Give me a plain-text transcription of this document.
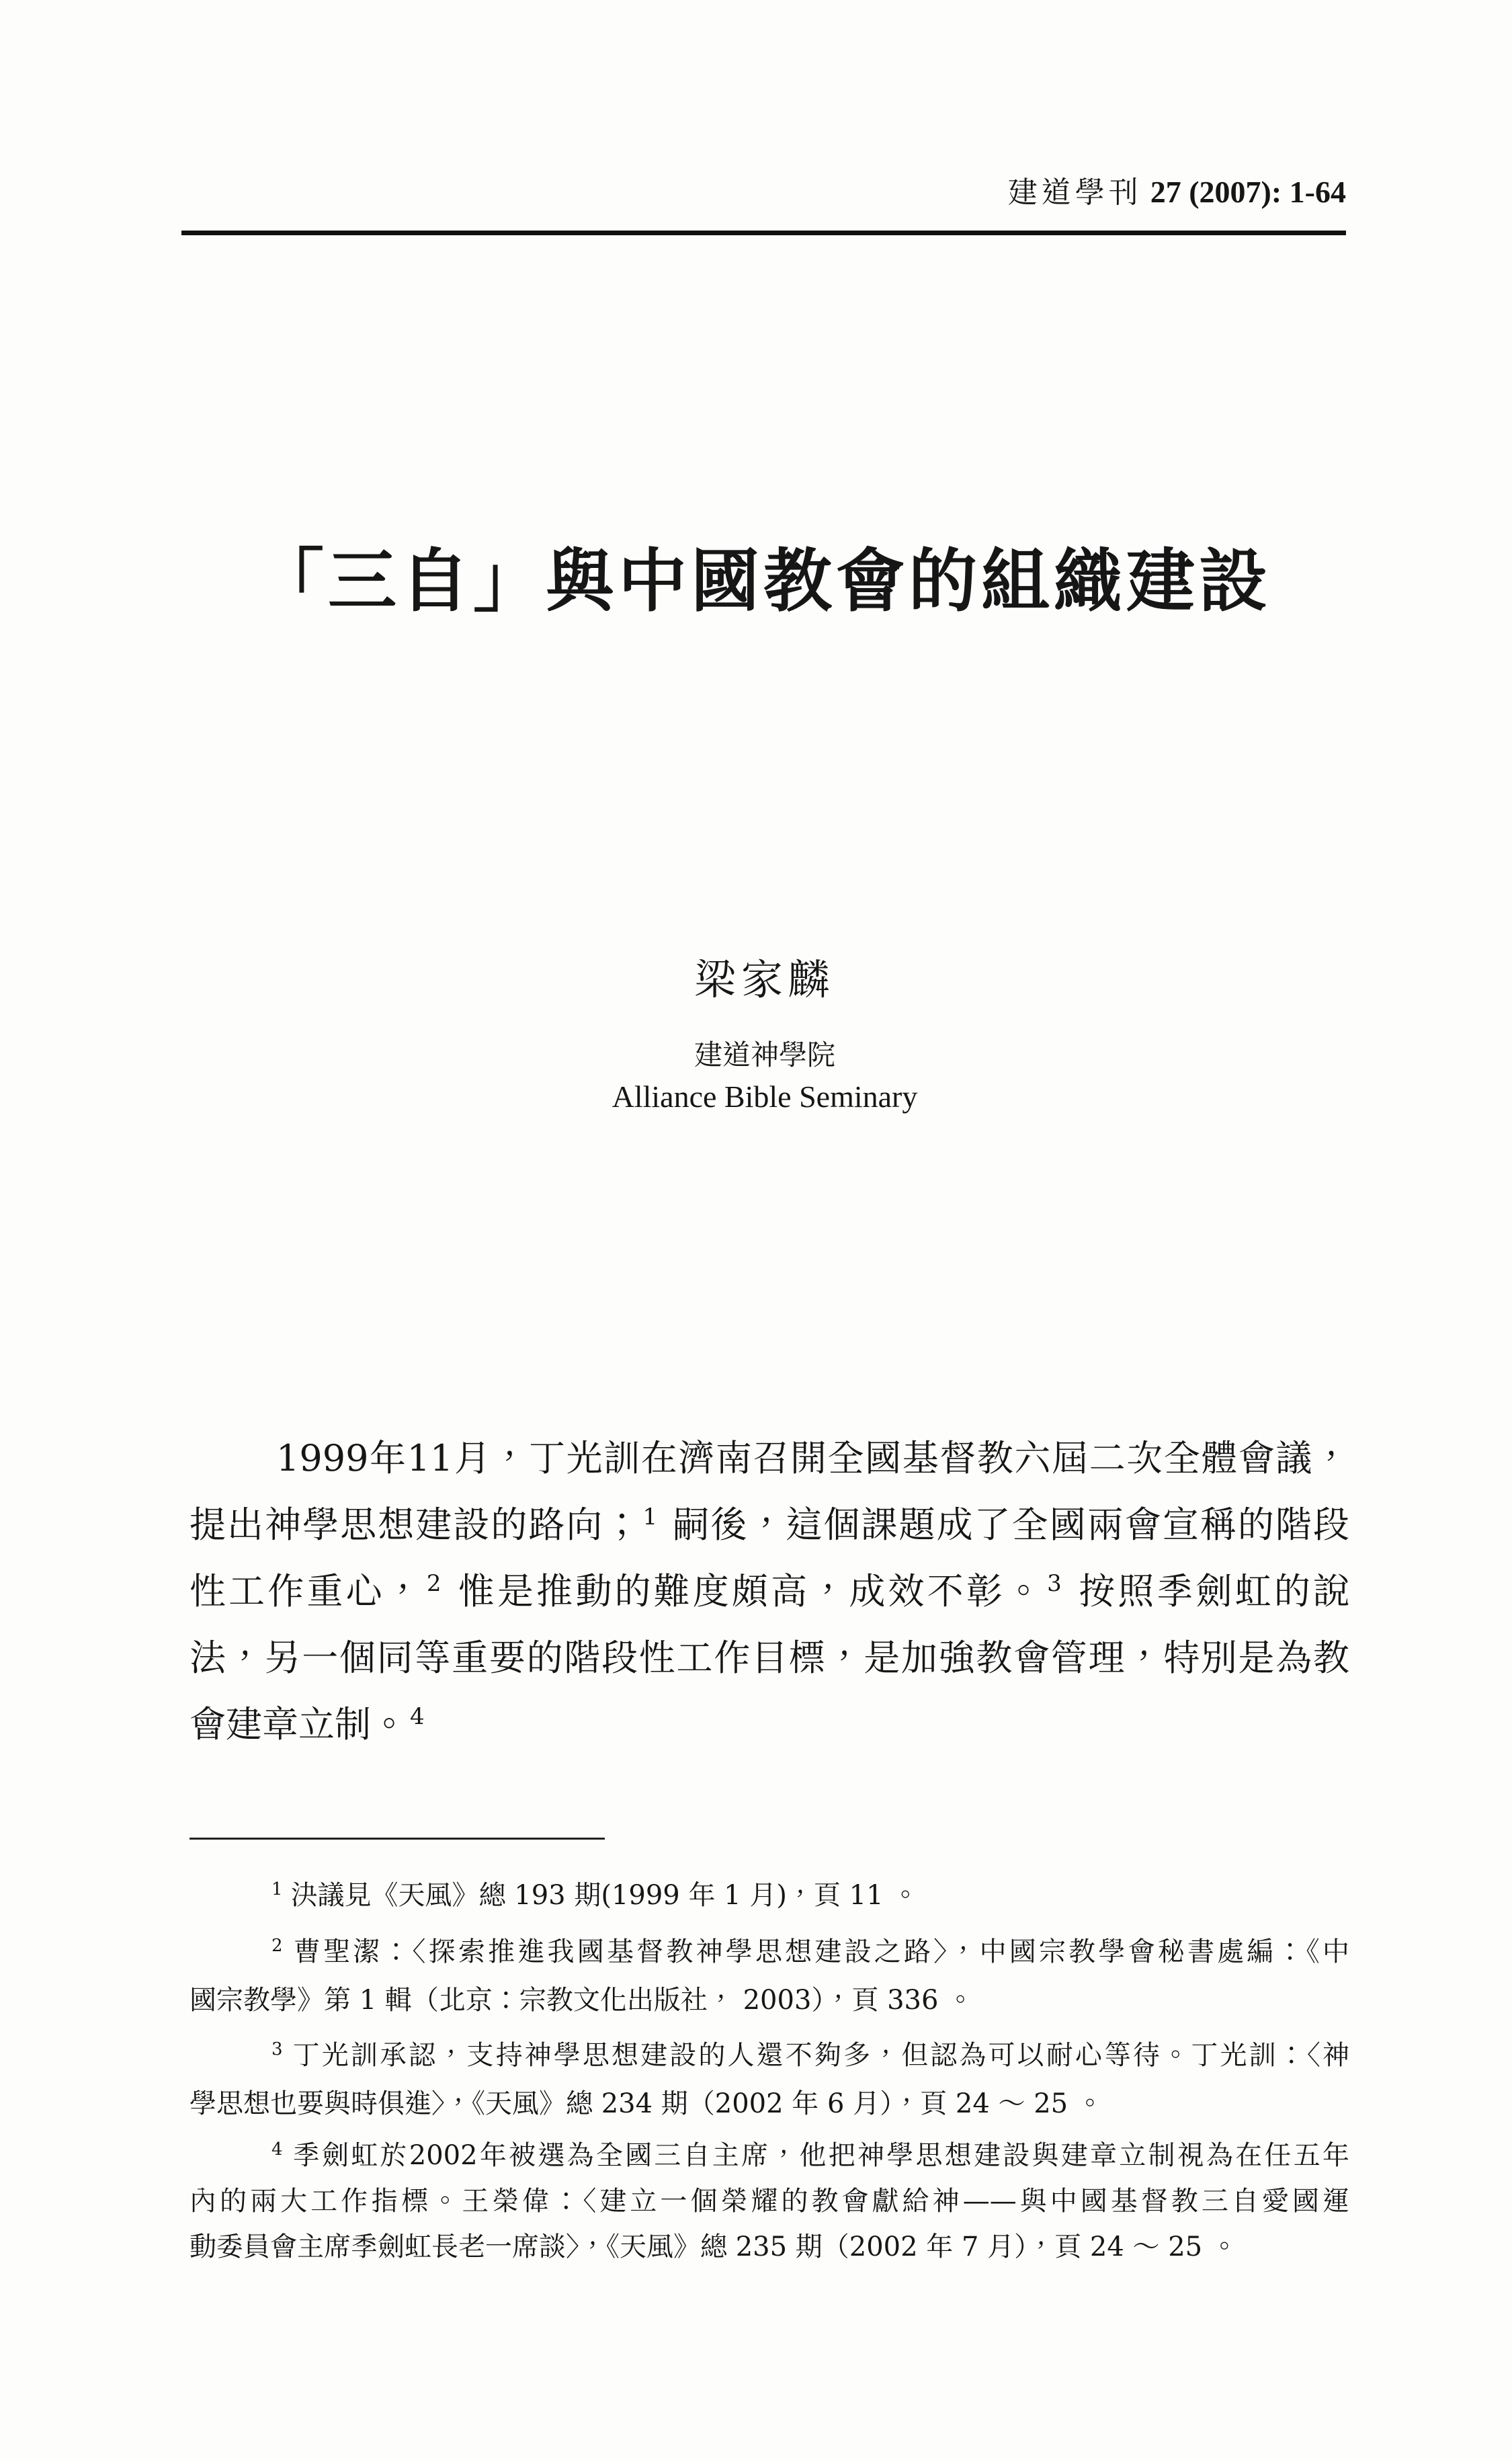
建道學刊 27 (2007): 1-64
「三自」與中國教會的組織建設
梁家麟
建道神學院
Alliance Bible Seminary
1999年11月，丁光訓在濟南召開全國基督教六屆二次全體會議，
提出神學思想建設的路向； $^1$ 嗣後，這個課題成了全國兩會宣稱的階段
性工作重心， $^2$ 惟是推動的難度頗高，成效不彰。 $^3$ 按照季劍虹的說
法，另一個同等重要的階段性工作目標，是加強教會管理，特別是為教
會建章立制。 $^4$
$^1$ 決議見《天風》總 193 期(1999 年 1 月)，頁 11 。
$^2$ 曹聖潔：〈探索推進我國基督教神學思想建設之路〉，中國宗教學會秘書處編：《中
國宗教學》第 1 輯（北京：宗教文化出版社， 2003），頁 336 。
$^3$ 丁光訓承認，支持神學思想建設的人還不夠多，但認為可以耐心等待。丁光訓：〈神
學思想也要與時俱進〉，《天風》總 234 期（2002 年 6 月），頁 24 ～ 25 。
$^4$ 季劍虹於2002年被選為全國三自主席，他把神學思想建設與建章立制視為在任五年
內的兩大工作指標。王榮偉：〈建立一個榮耀的教會獻給神——與中國基督教三自愛國運
動委員會主席季劍虹長老一席談〉，《天風》總 235 期（2002 年 7 月），頁 24 ～ 25 。
